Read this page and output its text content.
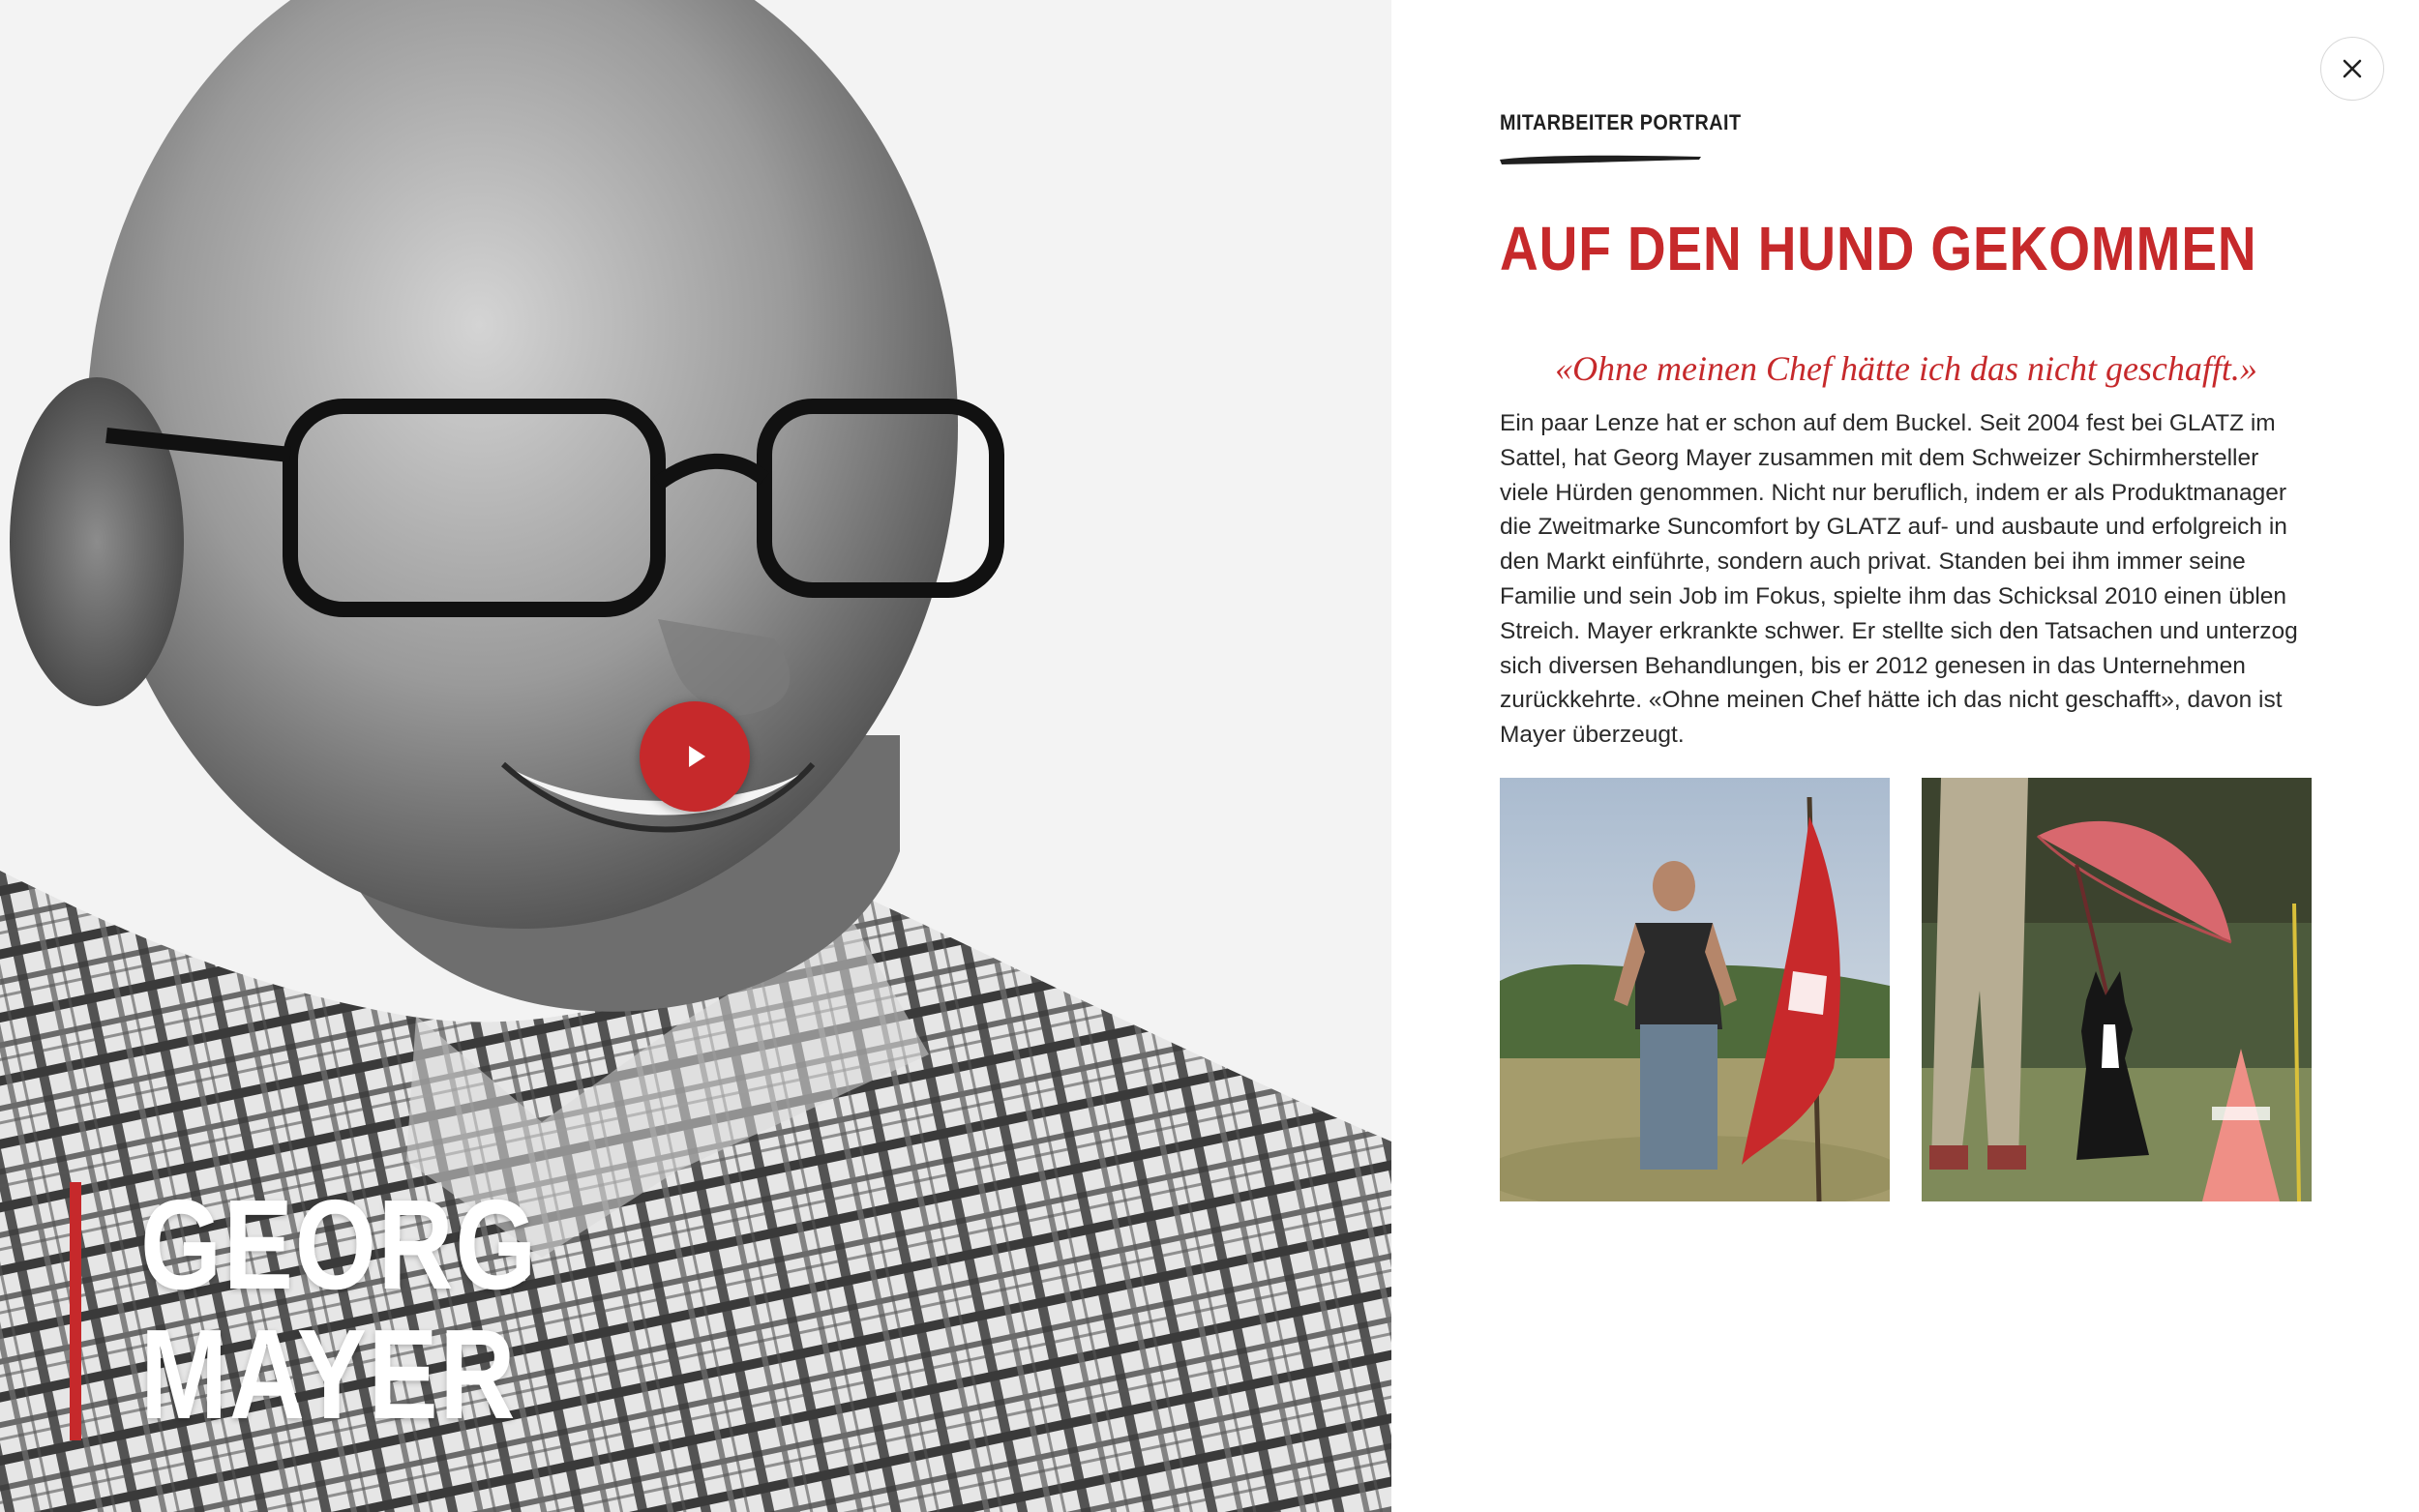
GEORG
MAYER
MITARBEITER PORTRAIT
AUF DEN HUND GEKOMMEN
«Ohne meinen Chef hätte ich das nicht geschafft.»
Ein paar Lenze hat er schon auf dem Buckel. Seit 2004 fest bei GLATZ im Sattel, hat Georg Mayer zusammen mit dem Schweizer Schirmhersteller viele Hürden genommen. Nicht nur beruflich, indem er als Produktmanager die Zweitmarke Suncomfort by GLATZ auf- und ausbaute und erfolgreich in den Markt einführte, sondern auch privat. Standen bei ihm immer seine Familie und sein Job im Fokus, spielte ihm das Schicksal 2010 einen üblen Streich. Mayer erkrankte schwer. Er stellte sich den Tatsachen und unterzog sich diversen Behandlungen, bis er 2012 genesen in das Unternehmen zurückkehrte. «Ohne meinen Chef hätte ich das nicht geschafft», davon ist Mayer überzeugt.
